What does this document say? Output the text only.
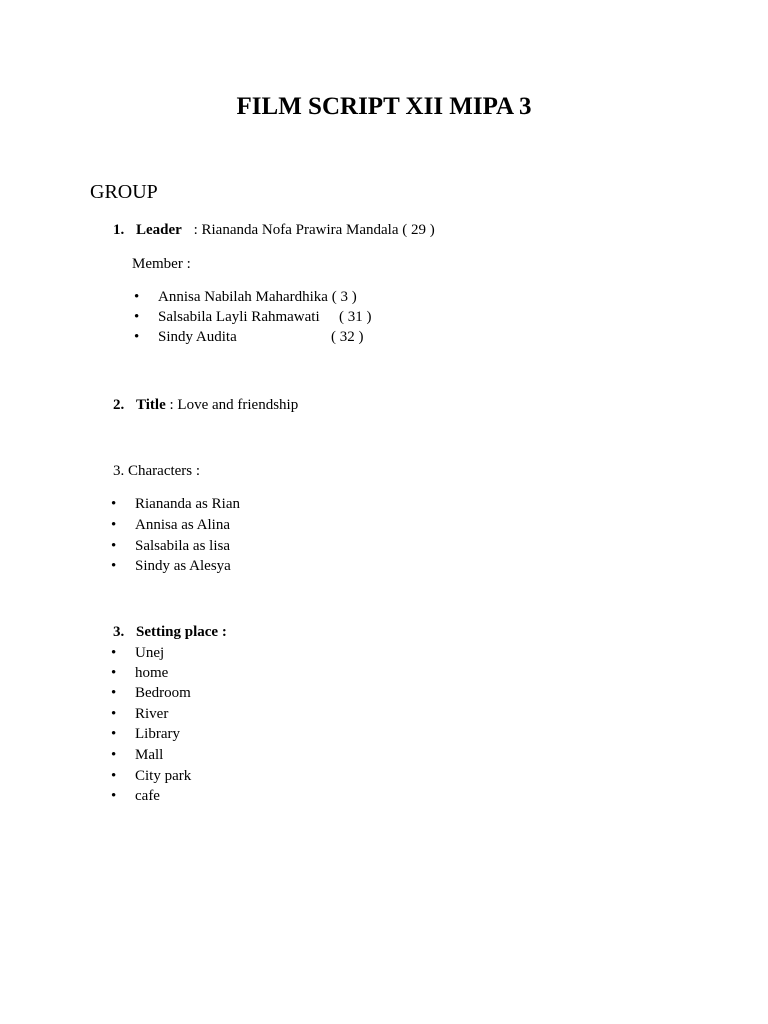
FILM SCRIPT XII MIPA 3
GROUP
1. Leader : Riananda Nofa Prawira Mandala ( 29 )
Member :
• Annisa Nabilah Mahardhika ( 3 )
• Salsabila Layli Rahmawati ( 31 )
• Sindy Audita	( 32 )
2. Title : Love and friendship
3. Characters :
• Riananda as Rian
• Annisa as Alina
• Salsabila as lisa
• Sindy as Alesya
3. Setting place :
• Unej
• home
• Bedroom
• River
• Library
• Mall
• City park
• cafe
